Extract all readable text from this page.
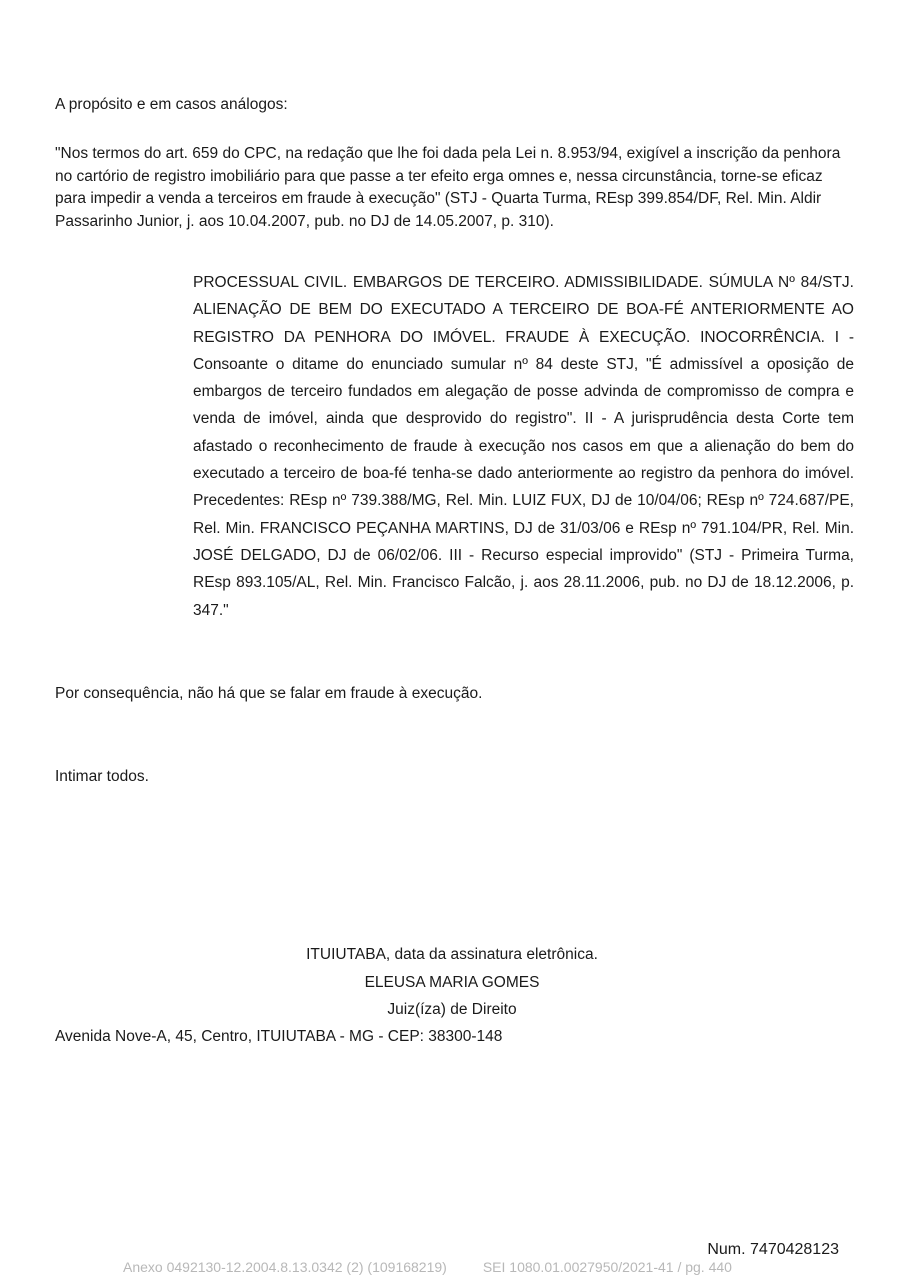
A propósito e em casos análogos:

"Nos termos do art. 659 do CPC, na redação que lhe foi dada pela Lei n. 8.953/94, exigível a inscrição da penhora no cartório de registro imobiliário para que passe a ter efeito erga omnes e, nessa circunstância, torne-se eficaz para impedir a venda a terceiros em fraude à execução" (STJ - Quarta Turma, REsp 399.854/DF, Rel. Min. Aldir Passarinho Junior, j. aos 10.04.2007, pub. no DJ de 14.05.2007, p. 310).

PROCESSUAL CIVIL. EMBARGOS DE TERCEIRO. ADMISSIBILIDADE. SÚMULA Nº 84/STJ. ALIENAÇÃO DE BEM DO EXECUTADO A TERCEIRO DE BOA-FÉ ANTERIORMENTE AO REGISTRO DA PENHORA DO IMÓVEL. FRAUDE À EXECUÇÃO. INOCORRÊNCIA. I - Consoante o ditame do enunciado sumular nº 84 deste STJ, "É admissível a oposição de embargos de terceiro fundados em alegação de posse advinda de compromisso de compra e venda de imóvel, ainda que desprovido do registro". II - A jurisprudência desta Corte tem afastado o reconhecimento de fraude à execução nos casos em que a alienação do bem do executado a terceiro de boa-fé tenha-se dado anteriormente ao registro da penhora do imóvel. Precedentes: REsp nº 739.388/MG, Rel. Min. LUIZ FUX, DJ de 10/04/06; REsp nº 724.687/PE, Rel. Min. FRANCISCO PEÇANHA MARTINS, DJ de 31/03/06 e REsp nº 791.104/PR, Rel. Min. JOSÉ DELGADO, DJ de 06/02/06. III - Recurso especial improvido" (STJ - Primeira Turma, REsp 893.105/AL, Rel. Min. Francisco Falcão, j. aos 28.11.2006, pub. no DJ de 18.12.2006, p. 347."

Por consequência, não há que se falar em fraude à execução.

Intimar todos.

ITUIUTABA, data da assinatura eletrônica.
ELEUSA MARIA GOMES
Juiz(íza) de Direito

Avenida Nove-A, 45, Centro, ITUIUTABA - MG - CEP: 38300-148

Num. 7470428123
Anexo 0492130-12.2004.8.13.0342 (2) (109168219)	SEI 1080.01.0027950/2021-41 / pg. 440
